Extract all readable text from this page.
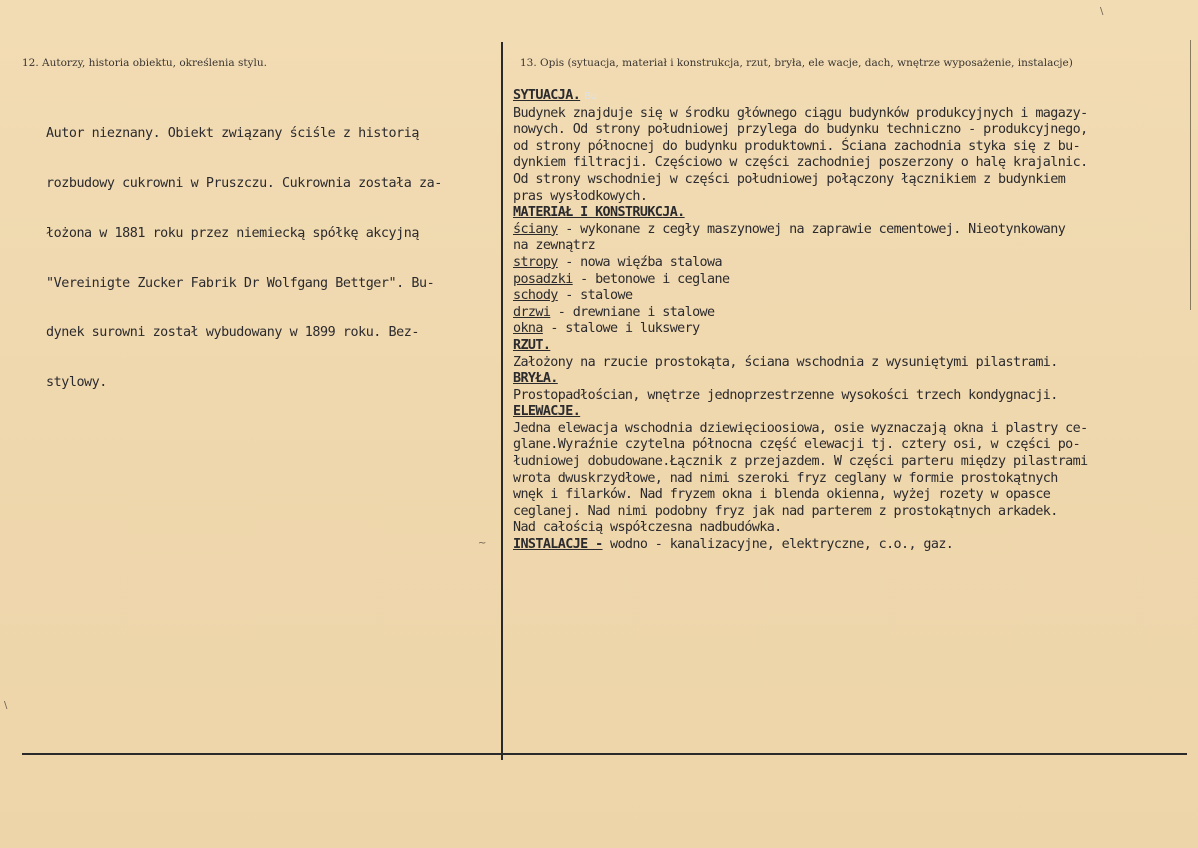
12. Autorzy, historia obiektu, określenia stylu.	13. Opis (sytuacja, materiał i konstrukcja, rzut, bryła, ele wacje, dach, wnętrze wyposażenie, instalacje)

Autor nieznany. Obiekt związany ściśle z historią

rozbudowy cukrowni w Pruszczu. Cukrownia została za-

łożona w 1881 roku przez niemiecką spółkę akcyjną

"Vereinigte Zucker Fabrik Dr Wolfgang Bettger". Bu-

dynek surowni został wybudowany w 1899 roku. Bez-

stylowy.

SYTUACJA. Bu
Budynek znajduje się w środku głównego ciągu budynków produkcyjnych i magazy-
nowych. Od strony południowej przylega do budynku techniczno - produkcyjnego,
od strony północnej do budynku produktowni. Ściana zachodnia styka się z bu-
dynkiem filtracji. Częściowo w części zachodniej poszerzony o halę krajalnic.
Od strony wschodniej w części południowej połączony łącznikiem z budynkiem
pras wysłodkowych.
MATERIAŁ I KONSTRUKCJA.
ściany - wykonane z cegły maszynowej na zaprawie cementowej. Nieotynkowany
na zewnątrz
stropy - nowa więźba stalowa
posadzki - betonowe i ceglane
schody - stalowe
drzwi - drewniane i stalowe
okna - stalowe i lukswery
RZUT.
Założony na rzucie prostokąta, ściana wschodnia z wysuniętymi pilastrami.
BRYŁA.
Prostopadłościan, wnętrze jednoprzestrzenne wysokości trzech kondygnacji.
ELEWACJE.
Jedna elewacja wschodnia dziewięcioosiowa, osie wyznaczają okna i plastry ce-
glane.Wyraźnie czytelna północna część elewacji tj. cztery osi, w części po-
łudniowej dobudowane.Łącznik z przejazdem. W części parteru między pilastrami
wrota dwuskrzydłowe, nad nimi szeroki fryz ceglany w formie prostokątnych
wnęk i filarków. Nad fryzem okna i blenda okienna, wyżej rozety w opasce
ceglanej. Nad nimi podobny fryz jak nad parterem z prostokątnych arkadek.
Nad całością współczesna nadbudówka.
INSTALACJE - wodno - kanalizacyjne, elektryczne, c.o., gaz.
~
\
\
